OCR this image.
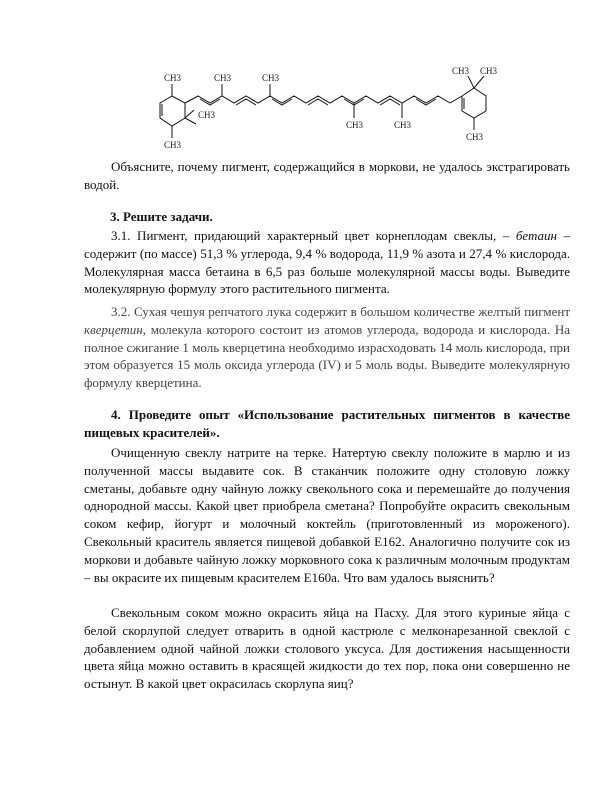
CH3
CH3
CH3
CH3	CH3
CH3	CH3
CH3 CH3
CH3

Объясните, почему пигмент, содержащийся в моркови, не удалось экстрагировать водой.

3. Решите задачи.

3.1. Пигмент, придающий характерный цвет корнеплодам свеклы, – бетаин – содержит (по массе) 51,3 % углерода, 9,4 % водорода, 11,9 % азота и 27,4 % кислорода. Молекулярная масса бетаина в 6,5 раз больше молекулярной массы воды. Выведите молекулярную формулу этого растительного пигмента.

3.2. Сухая чешуя репчатого лука содержит в большом количестве желтый пигмент кверцетин, молекула которого состоит из атомов углерода, водорода и кислорода. На полное сжигание 1 моль кверцетина необходимо израсходовать 14 моль кислорода, при этом образуется 15 моль оксида углерода (IV) и 5 моль воды. Выведите молекулярную формулу кверцетина.

4. Проведите опыт «Использование растительных пигментов в качестве пищевых красителей».

Очищенную свеклу натрите на терке. Натертую свеклу положите в марлю и из полученной массы выдавите сок. В стаканчик положите одну столовую ложку сметаны, добавьте одну чайную ложку свекольного сока и перемешайте до получения однородной массы. Какой цвет приобрела сметана? Попробуйте окрасить свекольным соком кефир, йогурт и молочный коктейль (приготовленный из мороженого). Свекольный краситель является пищевой добавкой Е162. Аналогично получите сок из моркови и добавьте чайную ложку морковного сока к различным молочным продуктам – вы окрасите их пищевым красителем Е160а. Что вам удалось выяснить?

Свекольным соком можно окрасить яйца на Пасху. Для этого куриные яйца с белой скорлупой следует отварить в одной кастрюле с мелконарезанной свеклой с добавлением одной чайной ложки столового уксуса. Для достижения насыщенности цвета яйца можно оставить в красящей жидкости до тех пор, пока они совершенно не остынут. В какой цвет окрасилась скорлупа яиц?
